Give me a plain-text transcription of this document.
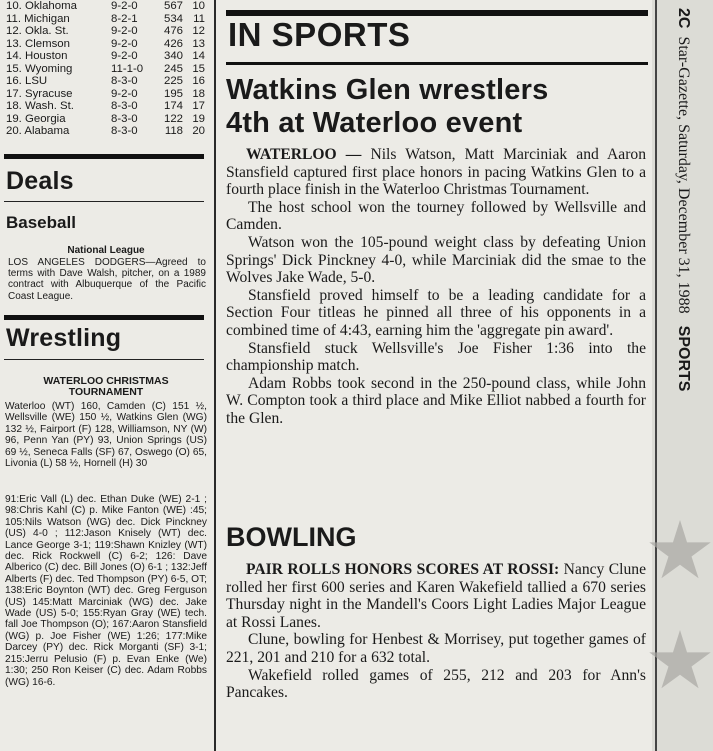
10. Oklahoma	9-2-0	567 10
11. Michigan	8-2-1	534 11
12. Okla. St.	9-2-0	476 12
13. Clemson	9-2-0	426 13
14. Houston	9-2-0	340 14
15. Wyoming	11-1-0	245 15
16. LSU	8-3-0	225 16
17. Syracuse	9-2-0	195 18
18. Wash. St.	8-3-0	174 17
19. Georgia	8-3-0	122 19
20. Alabama	8-3-0	118 20
Deals
Baseball
National League
LOS ANGELES DODGERS—Agreed to terms with Dave Walsh, pitcher, on a 1989 contract with Albuquerque of the Pacific Coast League.
Wrestling
WATERLOO CHRISTMAS
TOURNAMENT
Waterloo (WT) 160, Camden (C) 151 ½, Wellsville (WE) 150 ½, Watkins Glen (WG) 132 ½, Fairport (F) 128, Williamson, NY (W) 96, Penn Yan (PY) 93, Union Springs (US) 69 ½, Seneca Falls (SF) 67, Oswego (O) 65, Livonia (L) 58 ½, Hornell (H) 30
91:Eric Vall (L) dec. Ethan Duke (WE) 2-1 ; 98:Chris Kahl (C) p. Mike Fanton (WE) :45; 105:Nils Watson (WG) dec. Dick Pinckney (US) 4-0 ; 112:Jason Knisely (WT) dec. Lance George 3-1; 119:Shawn Knizley (WT) dec. Rick Rockwell (C) 6-2; 126: Dave Alberico (C) dec. Bill Jones (O) 6-1 ; 132:Jeff Alberts (F) dec. Ted Thompson (PY) 6-5, OT; 138:Eric Boynton (WT) dec. Greg Ferguson (US) 145:Matt Marciniak (WG) dec. Jake Wade (US) 5-0; 155:Ryan Gray (WE) tech. fall Joe Thompson (O); 167:Aaron Stansfield (WG) p. Joe Fisher (WE) 1:26; 177:Mike Darcey (PY) dec. Rick Morganti (SF) 3-1; 215:Jerru Pelusio (F) p. Evan Enke (We) 1:30; 250 Ron Keiser (C) dec. Adam Robbs (WG) 16-6.
IN SPORTS
Watkins Glen wrestlers
4th at Waterloo event

WATERLOO — Nils Watson, Matt Marciniak and Aaron Stansfield captured first place honors in pacing Watkins Glen to a fourth place finish in the Waterloo Christmas Tournament.

The host school won the tourney followed by Wellsville and Camden.

Watson won the 105-pound weight class by defeating Union Springs' Dick Pinckney 4-0, while Marciniak did the smae to the Wolves Jake Wade, 5-0.

Stansfield proved himself to be a leading candidate for a Section Four titleas he pinned all three of his opponents in a combined time of 4:43, earning him the 'aggregate pin award'.

Stansfield stuck Wellsville's Joe Fisher 1:36 into the championship match.

Adam Robbs took second in the 250-pound class, while John W. Compton took a third place and Mike Elliot nabbed a fourth for the Glen.

BOWLING

PAIR ROLLS HONORS SCORES AT ROSSI: Nancy Clune rolled her first 600 series and Karen Wakefield tallied a 670 series Thursday night in the Mandell's Coors Light Ladies Major League at Rossi Lanes.

Clune, bowling for Henbest & Morrisey, put together games of 221, 201 and 210 for a 632 total.

Wakefield rolled games of 255, 212 and 203 for Ann's Pancakes.

2C  Star-Gazette, Saturday, December 31, 1988   SPORTS
